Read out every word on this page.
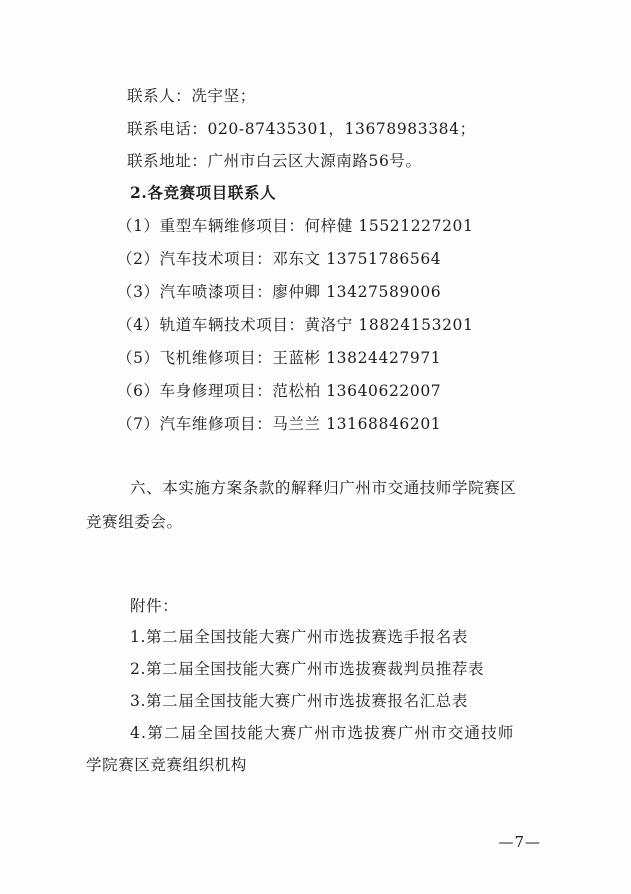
联系人：冼宇坚；
联系电话：020-87435301，13678983384；
联系地址：广州市白云区大源南路56号。
2.各竞赛项目联系人
（1）重型车辆维修项目：何梓健 15521227201
（2）汽车技术项目：邓东文 13751786564
（3）汽车喷漆项目：廖仲卿 13427589006
（4）轨道车辆技术项目：黄洛宁 18824153201
（5）飞机维修项目：王蓝彬 13824427971
（6）车身修理项目：范松柏 13640622007
（7）汽车维修项目：马兰兰 13168846201
六、本实施方案条款的解释归广州市交通技师学院赛区
竞赛组委会。
附件：
1.第二届全国技能大赛广州市选拔赛选手报名表
2.第二届全国技能大赛广州市选拔赛裁判员推荐表
3.第二届全国技能大赛广州市选拔赛报名汇总表
4.第二届全国技能大赛广州市选拔赛广州市交通技师
学院赛区竞赛组织机构
—7—
